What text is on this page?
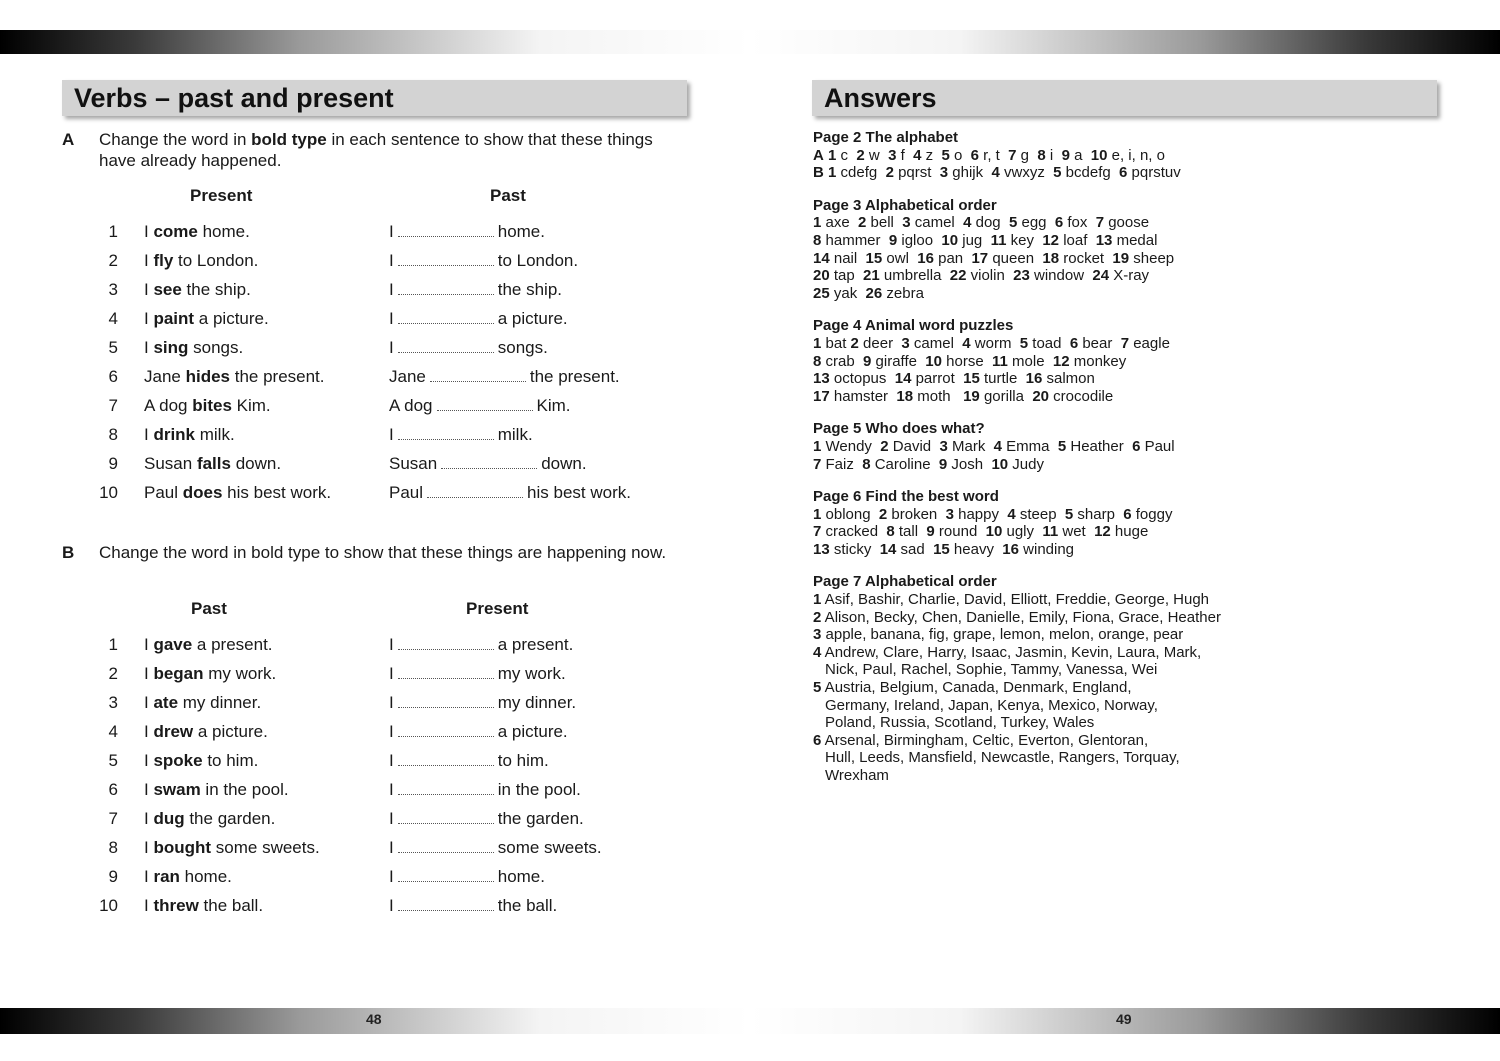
Verbs – past and present
A Change the word in bold type in each sentence to show that these things have already happened.
Present	Past
1 I come home.	I	home.
2 I fly to London.	I	to London.
3 I see the ship.	I	the ship.
4 I paint a picture.	I	a picture.
5 I sing songs.	I	songs.
6 Jane hides the present.	Jane	the present.
7 A dog bites Kim.	A dog	Kim.
8 I drink milk.	I	milk.
9 Susan falls down.	Susan	down.
10 Paul does his best work.	Paul	his best work.
B Change the word in bold type to show that these things are happening now.
Past	Present
1 I gave a present.	I	a present.
2 I began my work.	I	my work.
3 I ate my dinner.	I	my dinner.
4 I drew a picture.	I	a picture.
5 I spoke to him.	I	to him.
6 I swam in the pool.	I	in the pool.
7 I dug the garden.	I	the garden.
8 I bought some sweets.	I	some sweets.
9 I ran home.	I	home.
10 I threw the ball.	I	the ball.
Answers
Page 2 The alphabet
A 1 c  2 w  3 f  4 z  5 o  6 r, t  7 g  8 i  9 a  10 e, i, n, o
B 1 cdefg  2 pqrst  3 ghijk  4 vwxyz  5 bcdefg  6 pqrstuv
Page 3 Alphabetical order
1 axe  2 bell  3 camel  4 dog  5 egg  6 fox  7 goose
8 hammer  9 igloo  10 jug  11 key  12 loaf  13 medal
14 nail  15 owl  16 pan  17 queen  18 rocket  19 sheep
20 tap  21 umbrella  22 violin  23 window  24 X-ray
25 yak  26 zebra
Page 4 Animal word puzzles
1 bat 2 deer  3 camel  4 worm  5 toad  6 bear  7 eagle
8 crab  9 giraffe  10 horse  11 mole  12 monkey
13 octopus  14 parrot  15 turtle  16 salmon
17 hamster  18 moth   19 gorilla  20 crocodile
Page 5 Who does what?
1 Wendy  2 David  3 Mark  4 Emma  5 Heather  6 Paul
7 Faiz  8 Caroline  9 Josh  10 Judy
Page 6 Find the best word
1 oblong  2 broken  3 happy  4 steep  5 sharp  6 foggy
7 cracked  8 tall  9 round  10 ugly  11 wet  12 huge
13 sticky  14 sad  15 heavy  16 winding
Page 7 Alphabetical order
1 Asif, Bashir, Charlie, David, Elliott, Freddie, George, Hugh
2 Alison, Becky, Chen, Danielle, Emily, Fiona, Grace, Heather
3 apple, banana, fig, grape, lemon, melon, orange, pear
4 Andrew, Clare, Harry, Isaac, Jasmin, Kevin, Laura, Mark,
Nick, Paul, Rachel, Sophie, Tammy, Vanessa, Wei
5 Austria, Belgium, Canada, Denmark, England,
Germany, Ireland, Japan, Kenya, Mexico, Norway,
Poland, Russia, Scotland, Turkey, Wales
6 Arsenal, Birmingham, Celtic, Everton, Glentoran,
Hull, Leeds, Mansfield, Newcastle, Rangers, Torquay,
Wrexham
48	49
